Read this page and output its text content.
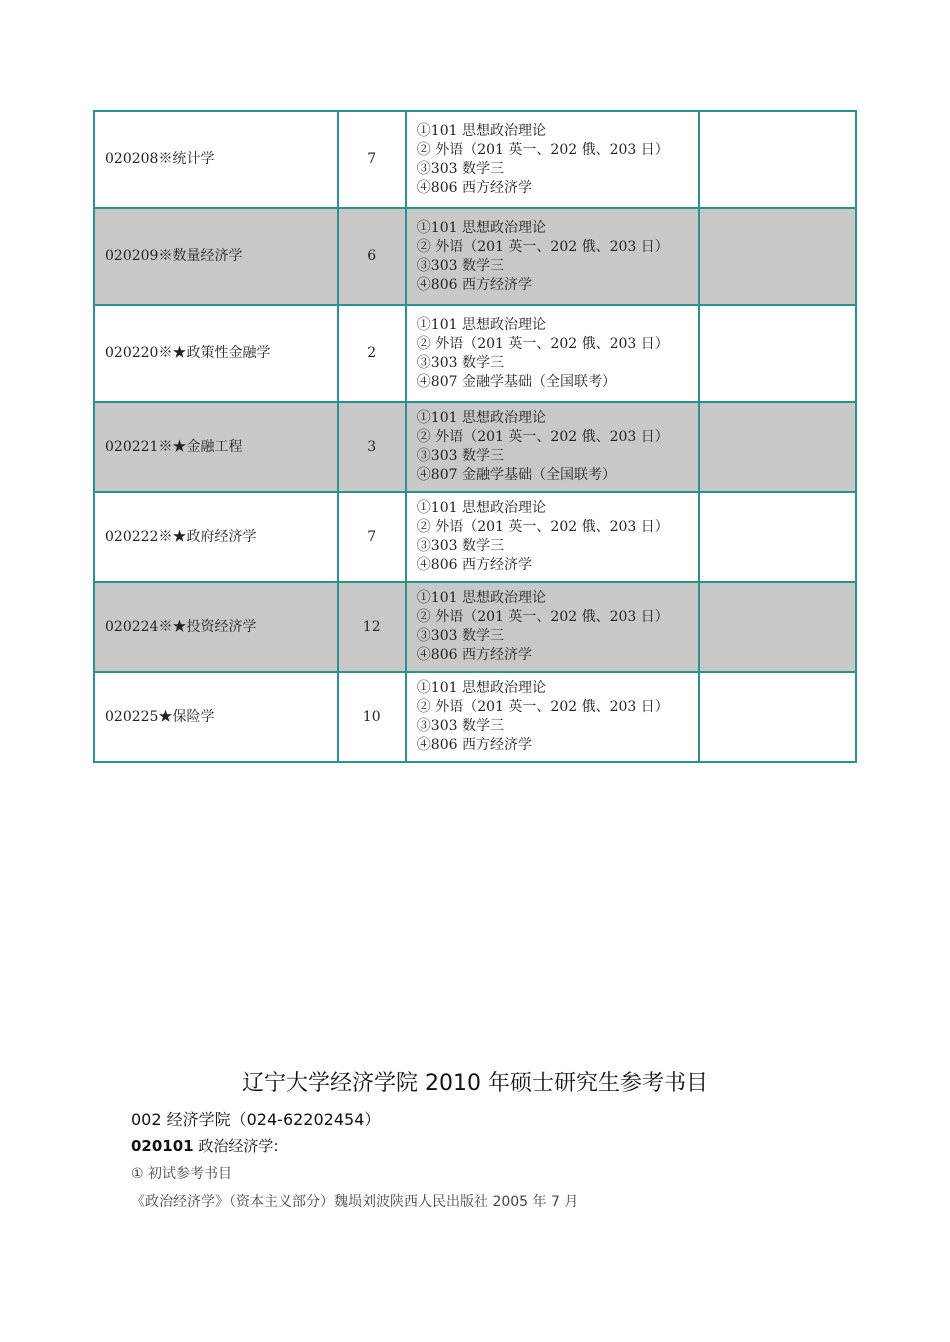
020208※统计学	7	①101 思想政治理论
② 外语（201 英一、202 俄、203 日）
③303 数学三
④806 西方经济学	

020209※数量经济学	6	①101 思想政治理论
② 外语（201 英一、202 俄、203 日）
③303 数学三
④806 西方经济学	

020220※★政策性金融学	2	①101 思想政治理论
② 外语（201 英一、202 俄、203 日）
③303 数学三
④807 金融学基础（全国联考）	

020221※★金融工程	3	①101 思想政治理论
② 外语（201 英一、202 俄、203 日）
③303 数学三
④807 金融学基础（全国联考）	

020222※★政府经济学	7	①101 思想政治理论
② 外语（201 英一、202 俄、203 日）
③303 数学三
④806 西方经济学	

020224※★投资经济学	12	①101 思想政治理论
② 外语（201 英一、202 俄、203 日）
③303 数学三
④806 西方经济学	

020225★保险学	10	①101 思想政治理论
② 外语（201 英一、202 俄、203 日）
③303 数学三
④806 西方经济学	

辽宁大学经济学院 2010 年硕士研究生参考书目
002 经济学院（024-62202454）
020101 政治经济学:
① 初试参考书目
《政治经济学》（资本主义部分）魏埙刘波陕西人民出版社 2005 年 7 月
